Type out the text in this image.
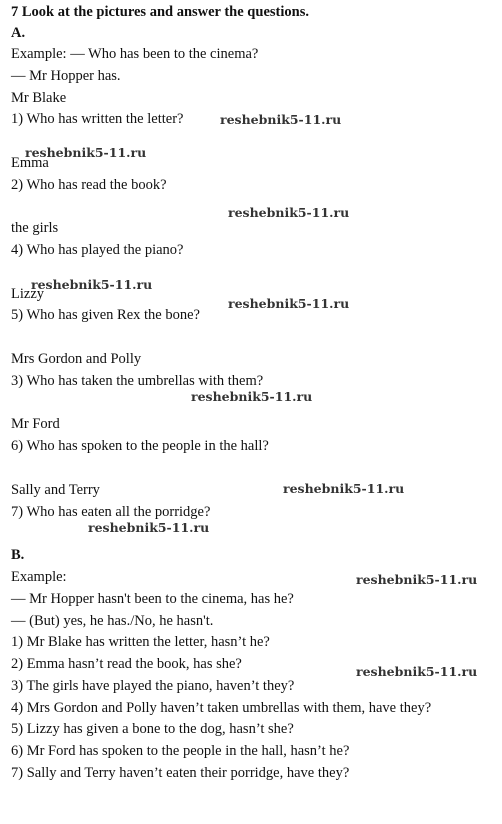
7 Look at the pictures and answer the questions.
A.
Example: — Who has been to the cinema?
— Mr Hopper has.
Mr Blake
1) Who has written the letter?
Emma
2) Who has read the book?
the girls
4) Who has played the piano?
Lizzy
5) Who has given Rex the bone?
Mrs Gordon and Polly
3) Who has taken the umbrellas with them?
Mr Ford
6) Who has spoken to the people in the hall?
Sally and Terry
7) Who has eaten all the porridge?
B.
Example:
— Mr Hopper hasn't been to the cinema, has he?
— (But) yes, he has./No, he hasn't.
1) Mr Blake has written the letter, hasn’t he?
2) Emma hasn’t read the book, has she?
3) The girls have played the piano, haven’t they?
4) Mrs Gordon and Polly haven’t taken umbrellas with them, have they?
5) Lizzy has given a bone to the dog, hasn’t she?
6) Mr Ford has spoken to the people in the hall, hasn’t he?
7) Sally and Terry haven’t eaten their porridge, have they?
reshebnik5-11.ru
reshebnik5-11.ru
reshebnik5-11.ru
reshebnik5-11.ru
reshebnik5-11.ru
reshebnik5-11.ru
reshebnik5-11.ru
reshebnik5-11.ru
reshebnik5-11.ru
reshebnik5-11.ru
